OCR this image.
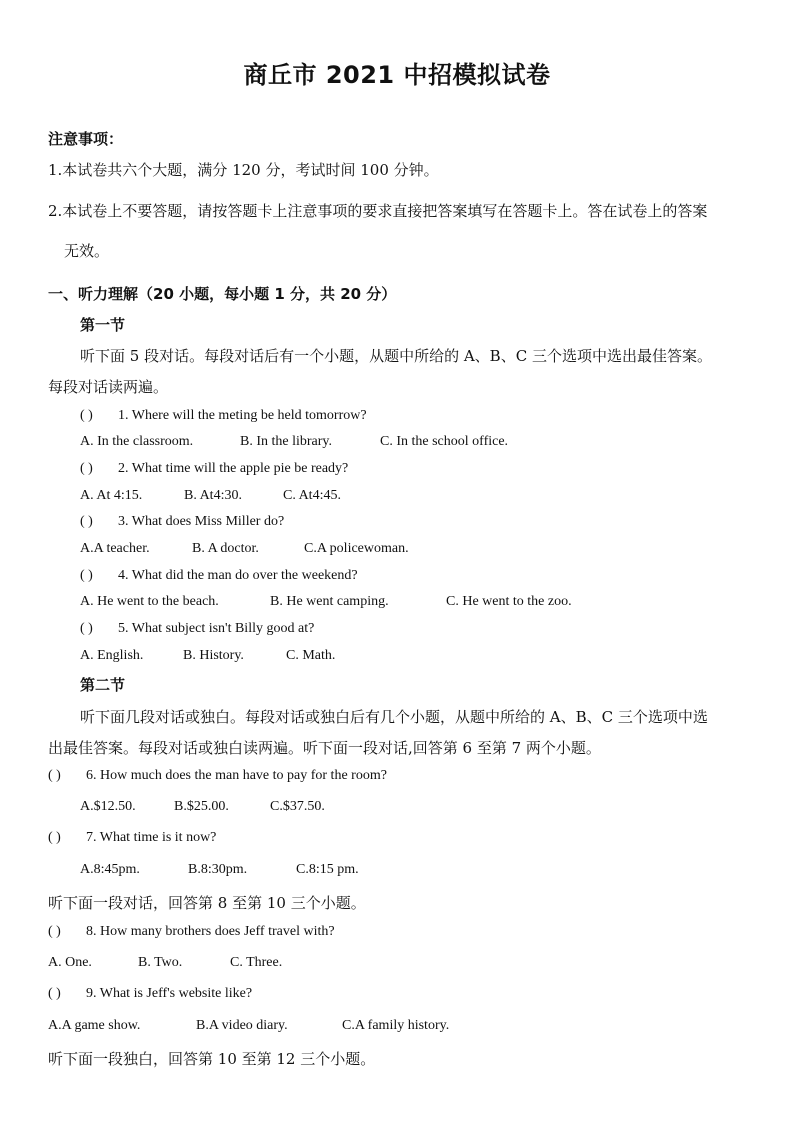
商丘市 2021 中招模拟试卷
注意事项：
1.本试卷共六个大题，满分 120 分，考试时间 100 分钟。
2.本试卷上不要答题，请按答题卡上注意事项的要求直接把答案填写在答题卡上。答在试卷上的答案
无效。
一、听力理解（20 小题，每小题 1 分，共 20 分）
第一节
听下面 5 段对话。每段对话后有一个小题，从题中所给的 A、B、C 三个选项中选出最佳答案。
每段对话读两遍。
( ) 1. Where will the meting be held tomorrow?
A. In the classroom.	B. In the library.	C. In the school office.
( ) 2. What time will the apple pie be ready?
A. At 4:15.	B. At4:30.	C. At4:45.
( ) 3. What does Miss Miller do?
A.A teacher.	B. A doctor.	C.A policewoman.
( ) 4. What did the man do over the weekend?
A. He went to the beach.	B. He went camping.	C. He went to the zoo.
( ) 5. What subject isn't Billy good at?
A. English.	B. History.	C. Math.
第二节
听下面几段对话或独白。每段对话或独白后有几个小题，从题中所给的 A、B、C 三个选项中选
出最佳答案。每段对话或独白读两遍。听下面一段对话,回答第 6 至第 7 两个小题。
( ) 6. How much does the man have to pay for the room?
A.$12.50.	B.$25.00.	C.$37.50.
( ) 7. What time is it now?
A.8:45pm.	B.8:30pm.	C.8:15 pm.
听下面一段对话，回答第 8 至第 10 三个小题。
( ) 8. How many brothers does Jeff travel with?
A. One.	B. Two.	C. Three.
( ) 9. What is Jeff's website like?
A.A game show.	B.A video diary.	C.A family history.
听下面一段独白，回答第 10 至第 12 三个小题。
